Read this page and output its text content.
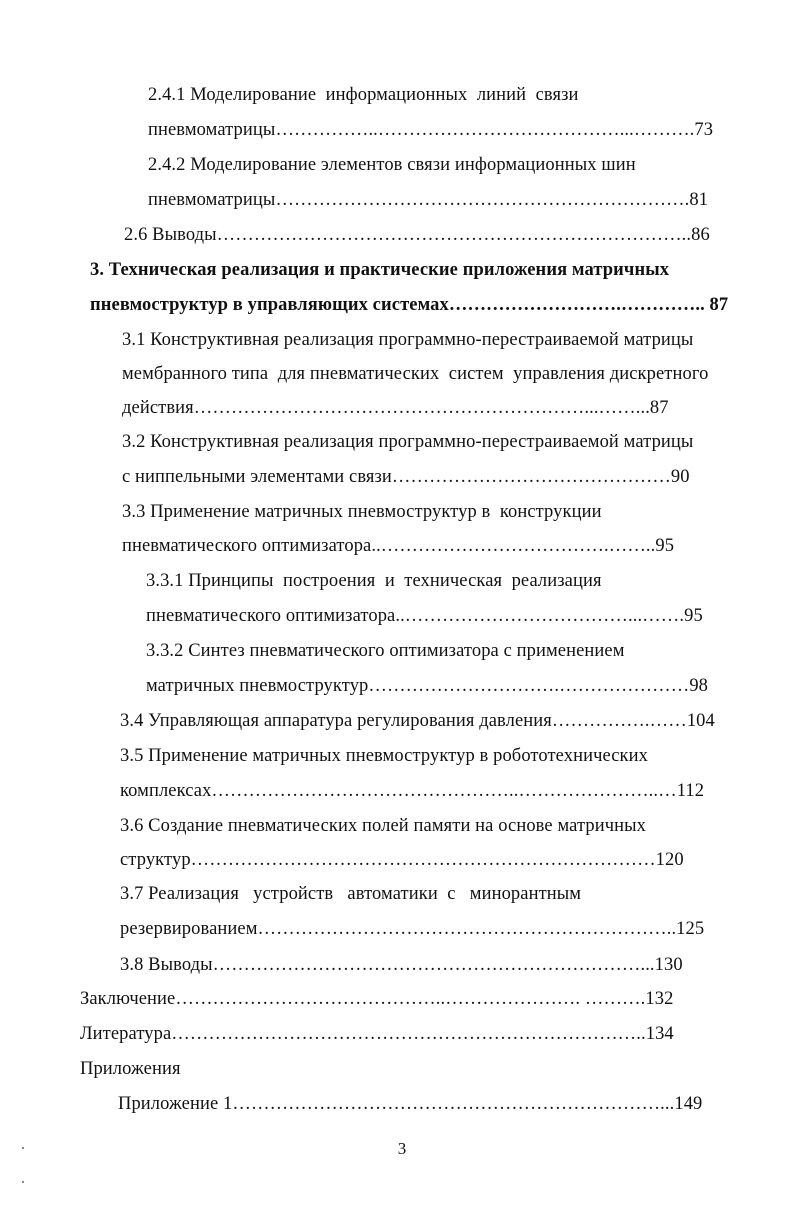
2.4.1 Моделирование  информационных  линий  связи
пневмоматрицы……………..…………………………………...……….73
2.4.2 Моделирование элементов связи информационных шин
пневмоматрицы………………………………………………………….81
2.6 Выводы…………………………………………………………………..86
3. Техническая реализация и практические приложения матричных
пневмоструктур в управляющих системах……………………….………….. 87
3.1 Конструктивная реализация программно-перестраиваемой матрицы
мембранного типа  для пневматических  систем  управления дискретного
действия………………………………………………………...……...87
3.2 Конструктивная реализация программно-перестраиваемой матрицы
с ниппельными элементами связи………………………………………90
3.3 Применение матричных пневмоструктур в  конструкции
пневматического оптимизатора..……………………………….……..95
3.3.1 Принципы  построения  и  техническая  реализация
пневматического оптимизатора..………………………………...…….95
3.3.2 Синтез пневматического оптимизатора с применением
матричных пневмоструктур………………………….…………………98
3.4 Управляющая аппаратура регулирования давления…………….……104
3.5 Применение матричных пневмоструктур в робототехнических
комплексах…………………………………………..…………………..…112
3.6 Создание пневматических полей памяти на основе матричных
структур…………………………………………………………………120
3.7 Реализация   устройств   автоматики  с   минорантным
резервированием…………………………………………………………..125
3.8 Выводы……………………………………………………………...130
Заключение……………………………………..…………………. ……….132
Литература…………………………………………………………………..134
Приложения
Приложение 1……………………………………………………………...149
3
